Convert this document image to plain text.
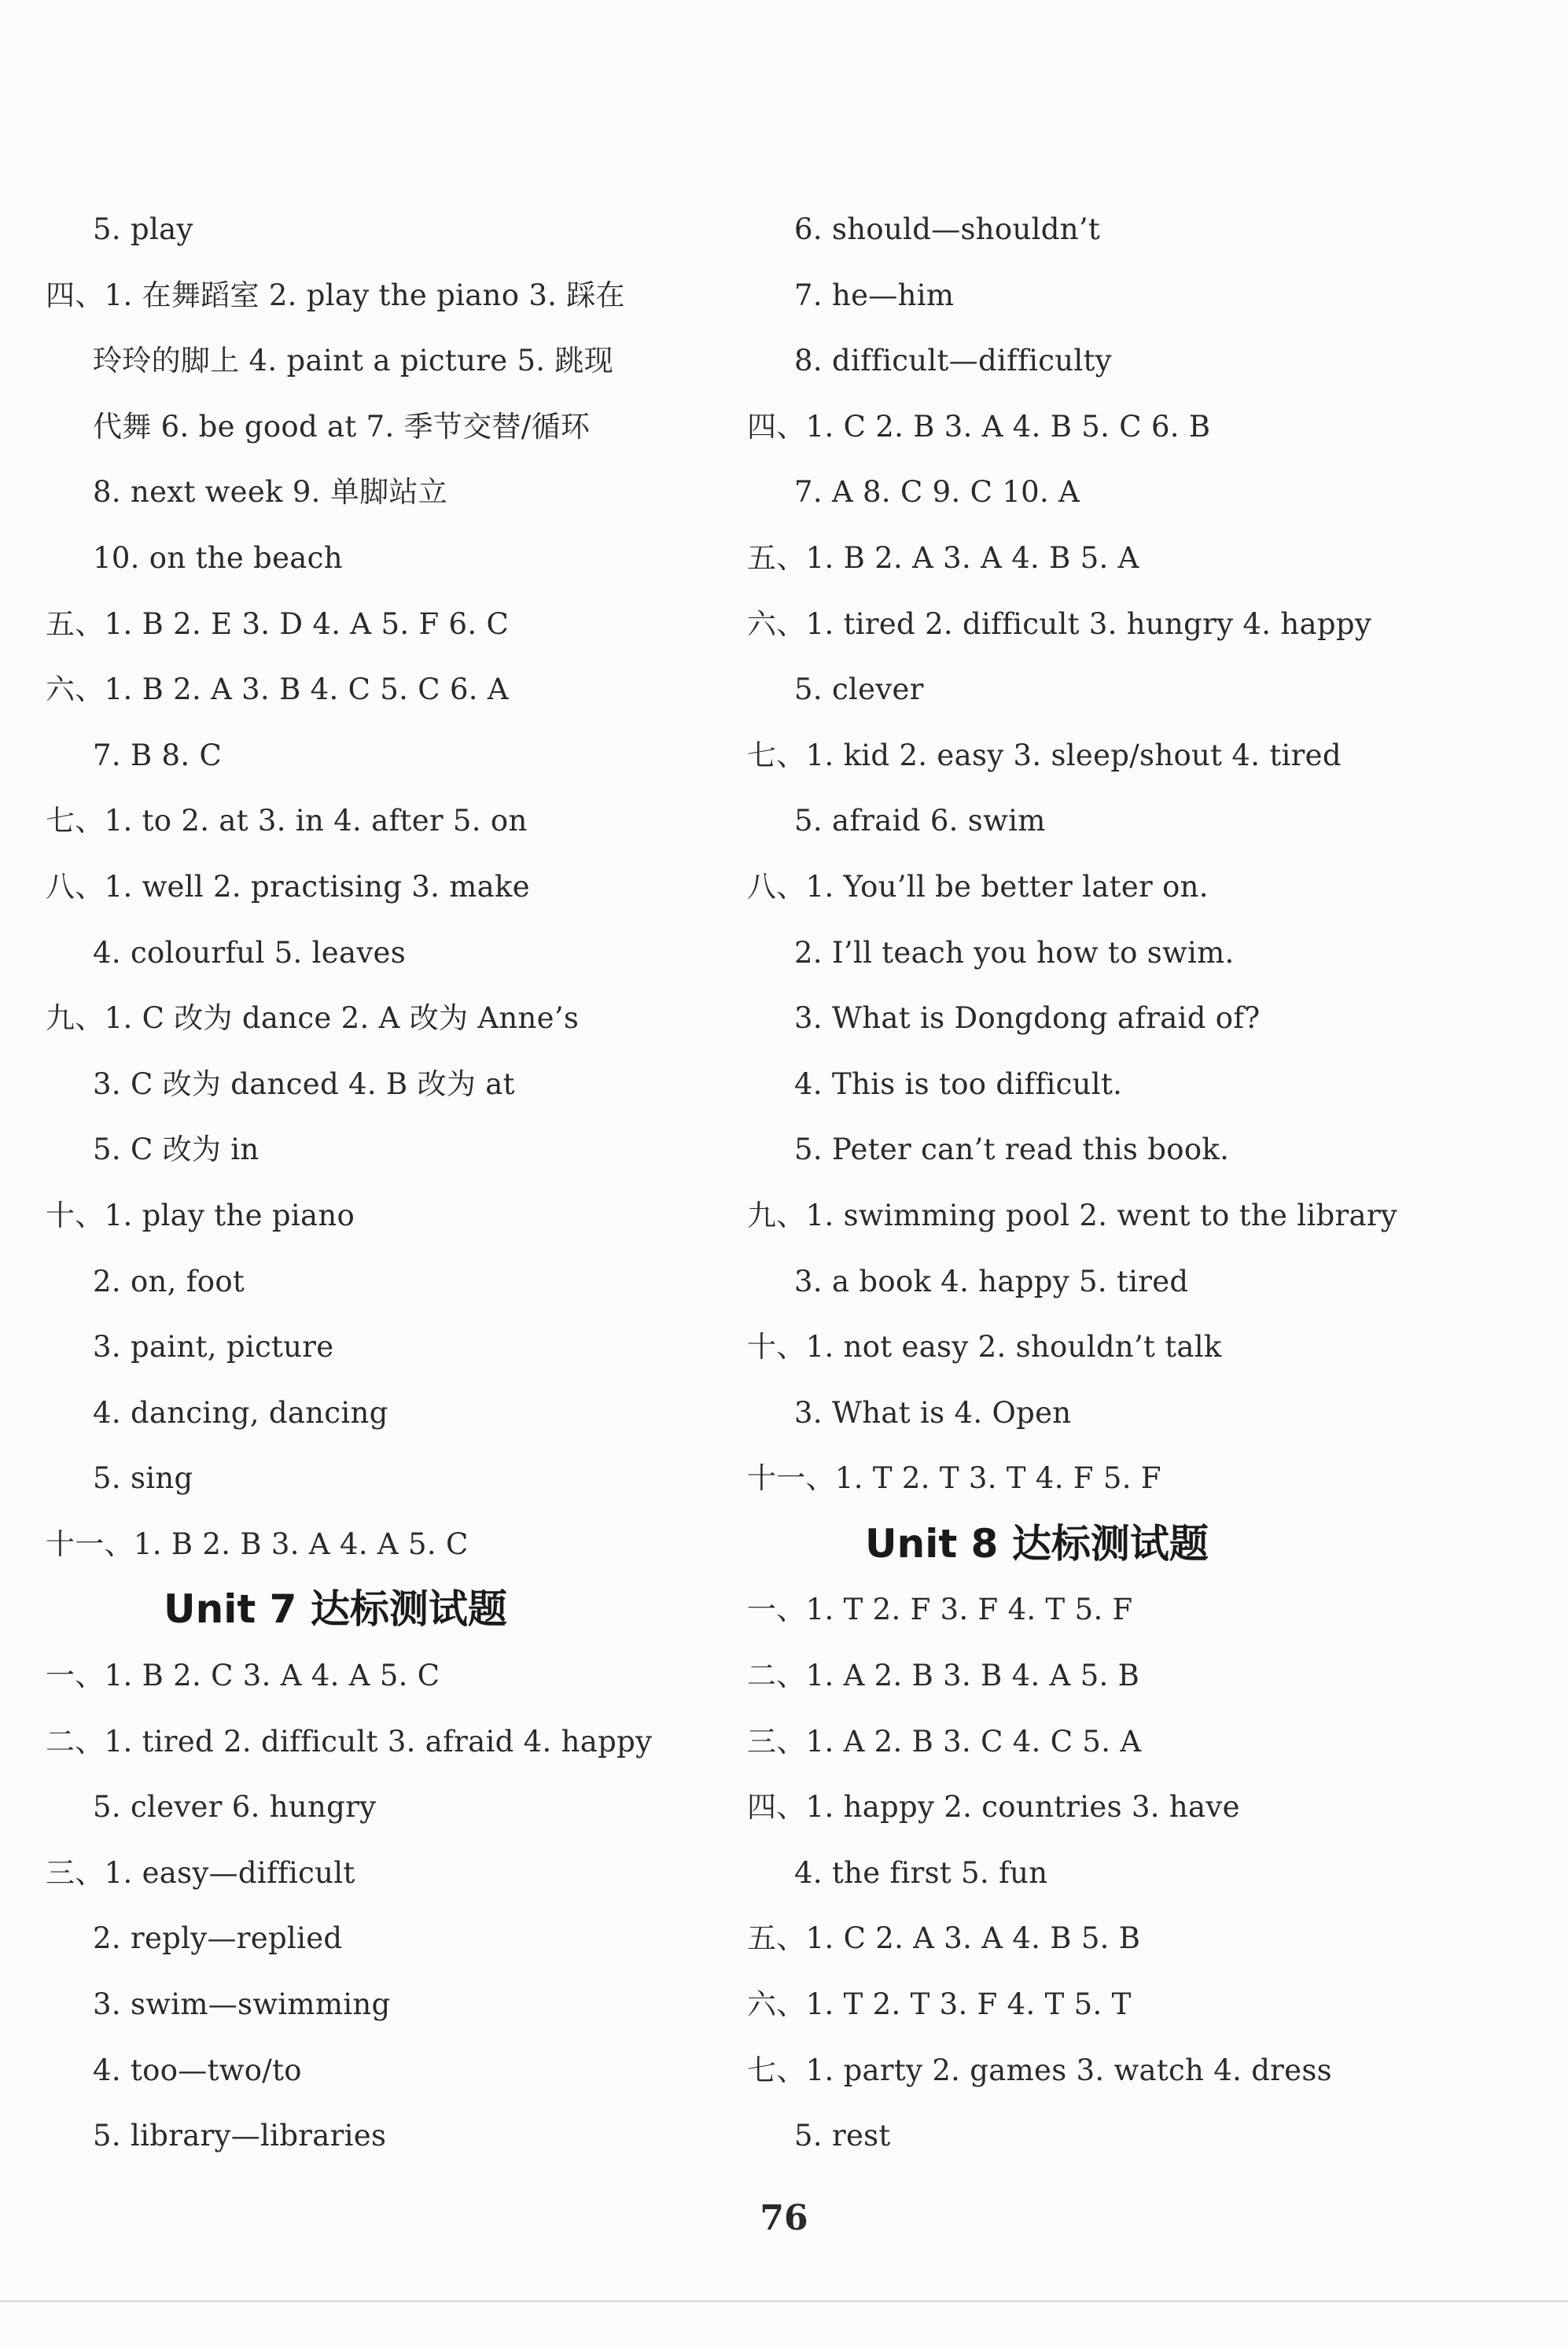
5. play
四、1. 在舞蹈室 2. play the piano 3. 踩在
玲玲的脚上 4. paint a picture 5. 跳现
代舞 6. be good at 7. 季节交替/循环
8. next week 9. 单脚站立
10. on the beach
五、1. B 2. E 3. D 4. A 5. F 6. C
六、1. B 2. A 3. B 4. C 5. C 6. A
7. B 8. C
七、1. to 2. at 3. in 4. after 5. on
八、1. well 2. practising 3. make
4. colourful 5. leaves
九、1. C 改为 dance 2. A 改为 Anne’s
3. C 改为 danced 4. B 改为 at
5. C 改为 in
十、1. play the piano
2. on, foot
3. paint, picture
4. dancing, dancing
5. sing
十一、1. B 2. B 3. A 4. A 5. C
Unit 7 达标测试题
一、1. B 2. C 3. A 4. A 5. C
二、1. tired 2. difficult 3. afraid 4. happy
5. clever 6. hungry
三、1. easy—difficult
2. reply—replied
3. swim—swimming
4. too—two/to
5. library—libraries
6. should—shouldn’t
7. he—him
8. difficult—difficulty
四、1. C 2. B 3. A 4. B 5. C 6. B
7. A 8. C 9. C 10. A
五、1. B 2. A 3. A 4. B 5. A
六、1. tired 2. difficult 3. hungry 4. happy
5. clever
七、1. kid 2. easy 3. sleep/shout 4. tired
5. afraid 6. swim
八、1. You’ll be better later on.
2. I’ll teach you how to swim.
3. What is Dongdong afraid of?
4. This is too difficult.
5. Peter can’t read this book.
九、1. swimming pool 2. went to the library
3. a book 4. happy 5. tired
十、1. not easy 2. shouldn’t talk
3. What is 4. Open
十一、1. T 2. T 3. T 4. F 5. F
Unit 8 达标测试题
一、1. T 2. F 3. F 4. T 5. F
二、1. A 2. B 3. B 4. A 5. B
三、1. A 2. B 3. C 4. C 5. A
四、1. happy 2. countries 3. have
4. the first 5. fun
五、1. C 2. A 3. A 4. B 5. B
六、1. T 2. T 3. F 4. T 5. T
七、1. party 2. games 3. watch 4. dress
5. rest
76
